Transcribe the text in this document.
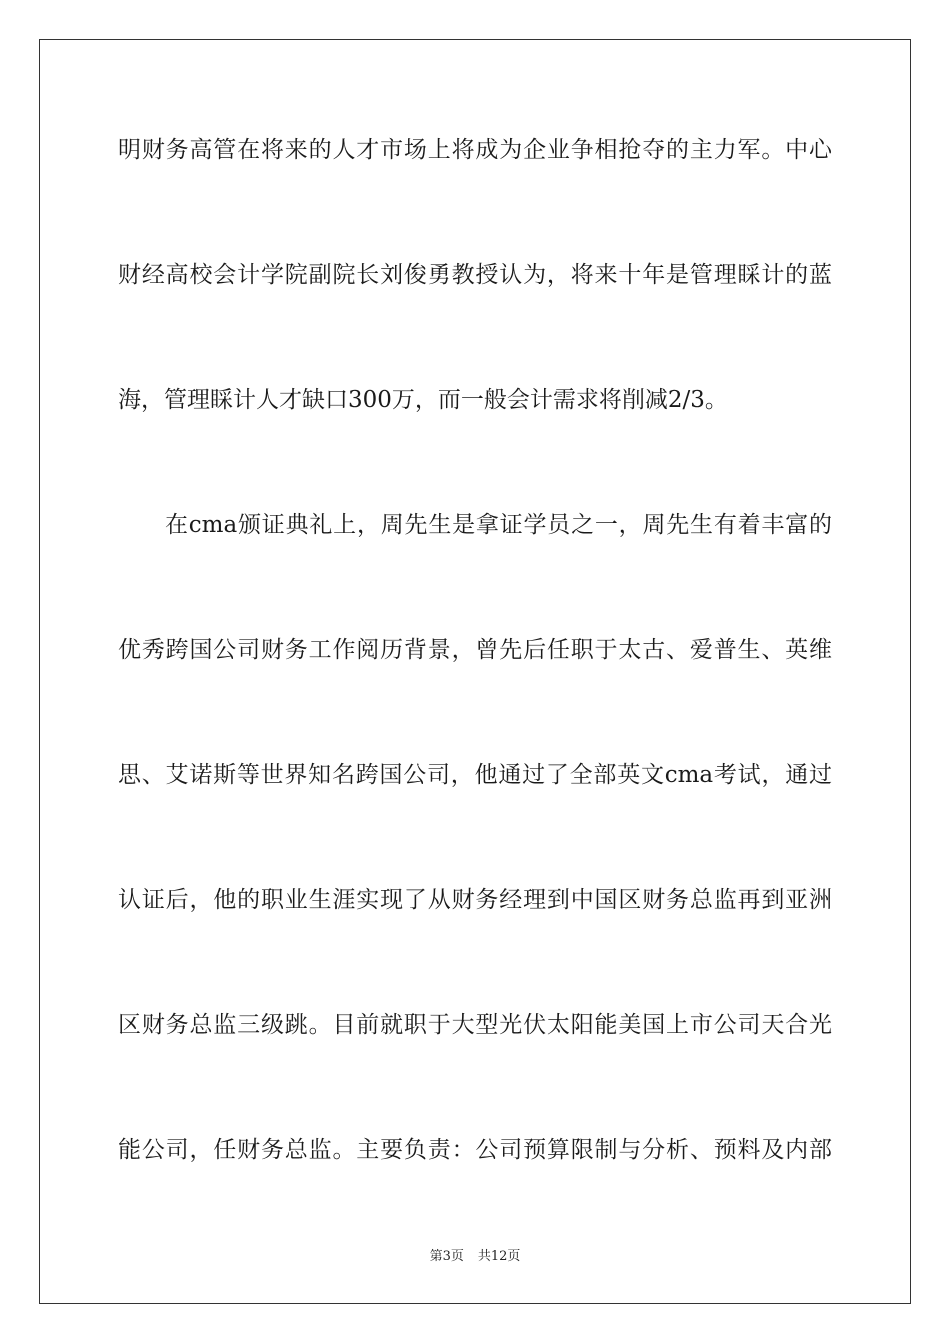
明财务高管在将来的人才市场上将成为企业争相抢夺的主力军。中心
财经高校会计学院副院长刘俊勇教授认为，将来十年是管理睬计的蓝
海，管理睬计人才缺口300万，而一般会计需求将削减2/3。
在cma颁证典礼上，周先生是拿证学员之一，周先生有着丰富的
优秀跨国公司财务工作阅历背景，曾先后任职于太古、爱普生、英维
思、艾诺斯等世界知名跨国公司，他通过了全部英文cma考试，通过
认证后，他的职业生涯实现了从财务经理到中国区财务总监再到亚洲
区财务总监三级跳。目前就职于大型光伏太阳能美国上市公司天合光
能公司，任财务总监。主要负责：公司预算限制与分析、预料及内部
第3页 共12页
